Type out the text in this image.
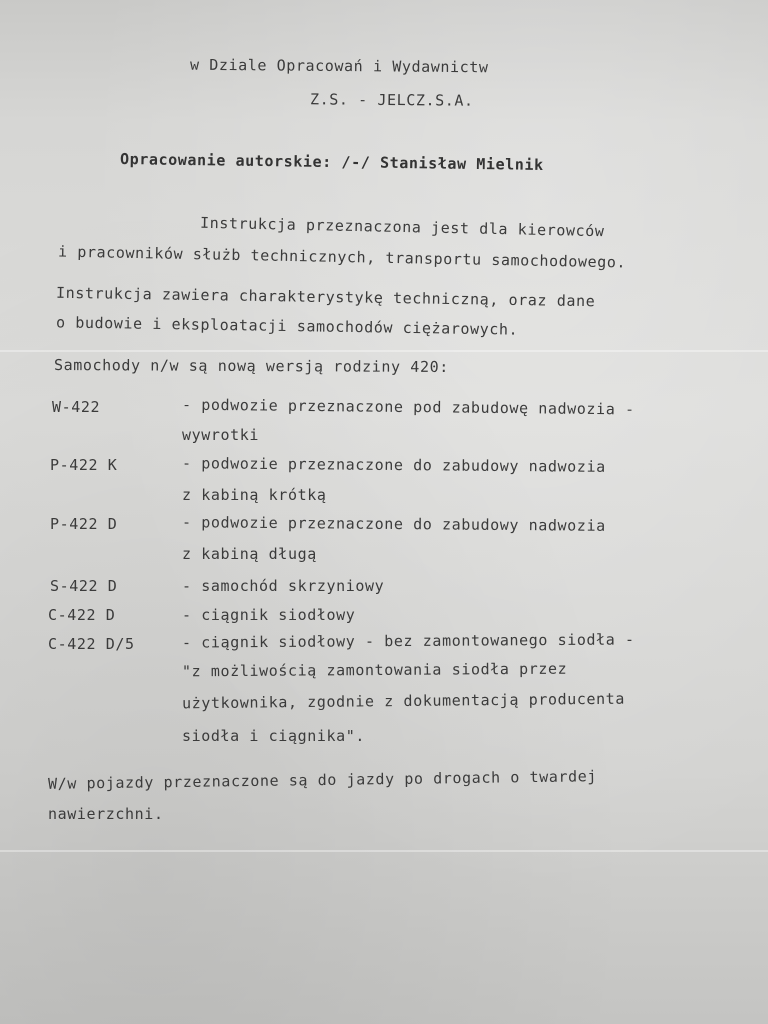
w Dziale Opracowań i Wydawnictw
Z.S. - JELCZ.S.A.
Opracowanie autorskie: /-/ Stanisław Mielnik
Instrukcja przeznaczona jest dla kierowców
i pracowników służb technicznych, transportu samochodowego.
Instrukcja zawiera charakterystykę techniczną, oraz dane
o budowie i eksploatacji samochodów ciężarowych.
Samochody n/w są nową wersją rodziny 420:
W-422	- podwozie przeznaczone pod zabudowę nadwozia -
wywrotki
P-422 K	- podwozie przeznaczone do zabudowy nadwozia
z kabiną krótką
P-422 D	- podwozie przeznaczone do zabudowy nadwozia
z kabiną długą
S-422 D	- samochód skrzyniowy
C-422 D	- ciągnik siodłowy
C-422 D/5	- ciągnik siodłowy - bez zamontowanego siodła -
"z możliwością zamontowania siodła przez
użytkownika, zgodnie z dokumentacją producenta
siodła i ciągnika".
W/w pojazdy przeznaczone są do jazdy po drogach o twardej
nawierzchni.
